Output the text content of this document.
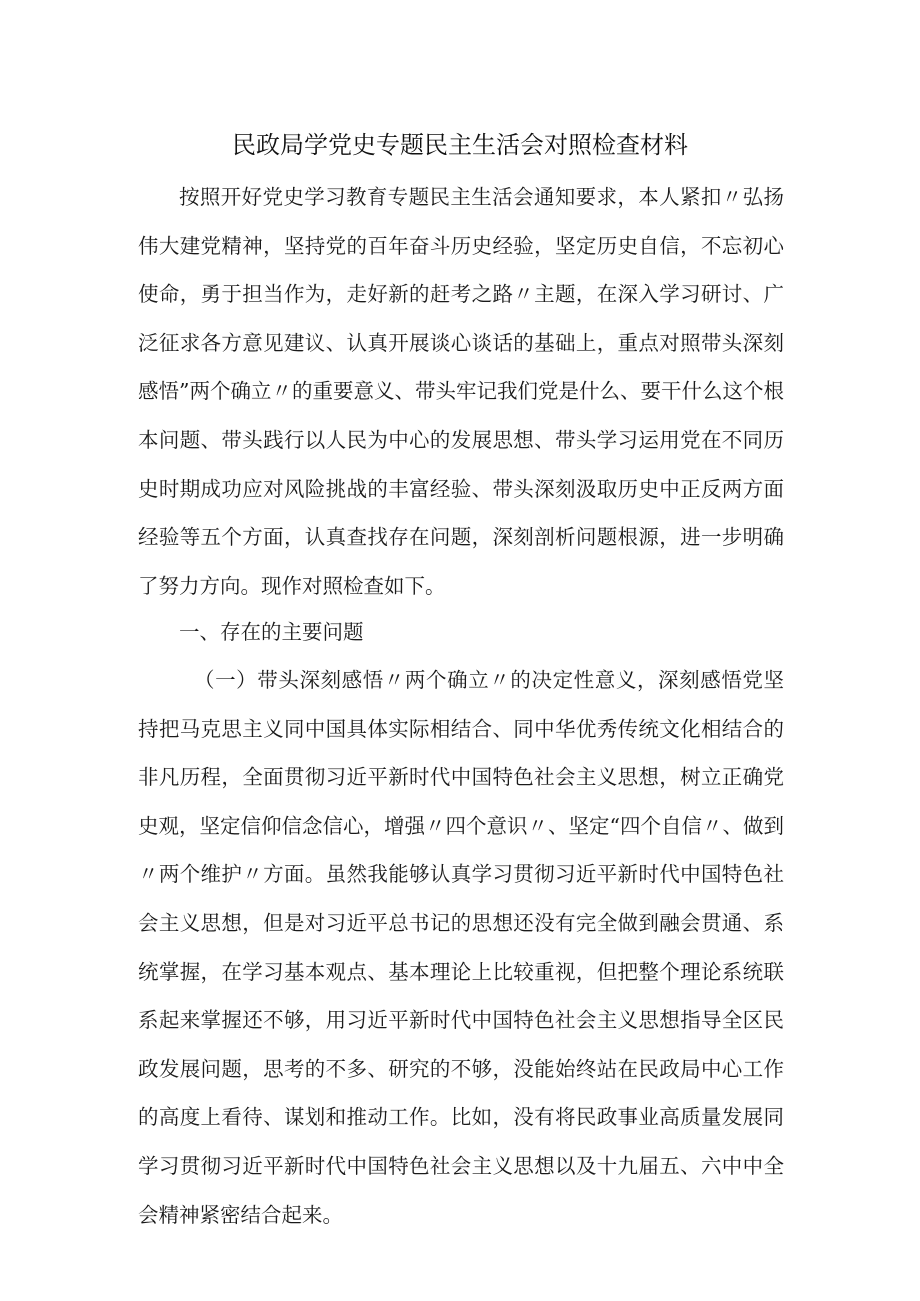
民政局学党史专题民主生活会对照检查材料

按照开好党史学习教育专题民主生活会通知要求，本人紧扣〃弘扬伟大建党精神，坚持党的百年奋斗历史经验，坚定历史自信，不忘初心使命，勇于担当作为，走好新的赶考之路〃主题，在深入学习研讨、广泛征求各方意见建议、认真开展谈心谈话的基础上，重点对照带头深刻感悟”两个确立〃的重要意义、带头牢记我们党是什么、要干什么这个根本问题、带头践行以人民为中心的发展思想、带头学习运用党在不同历史时期成功应对风险挑战的丰富经验、带头深刻汲取历史中正反两方面经验等五个方面，认真查找存在问题，深刻剖析问题根源，进一步明确了努力方向。现作对照检查如下。

一、存在的主要问题

（一）带头深刻感悟〃两个确立〃的决定性意义，深刻感悟党坚持把马克思主义同中国具体实际相结合、同中华优秀传统文化相结合的非凡历程，全面贯彻习近平新时代中国特色社会主义思想，树立正确党史观，坚定信仰信念信心，增强〃四个意识〃、坚定“四个自信〃、做到〃两个维护〃方面。虽然我能够认真学习贯彻习近平新时代中国特色社会主义思想，但是对习近平总书记的思想还没有完全做到融会贯通、系统掌握，在学习基本观点、基本理论上比较重视，但把整个理论系统联系起来掌握还不够，用习近平新时代中国特色社会主义思想指导全区民政发展问题，思考的不多、研究的不够，没能始终站在民政局中心工作的高度上看待、谋划和推动工作。比如，没有将民政事业高质量发展同学习贯彻习近平新时代中国特色社会主义思想以及十九届五、六中中全会精神紧密结合起来。
